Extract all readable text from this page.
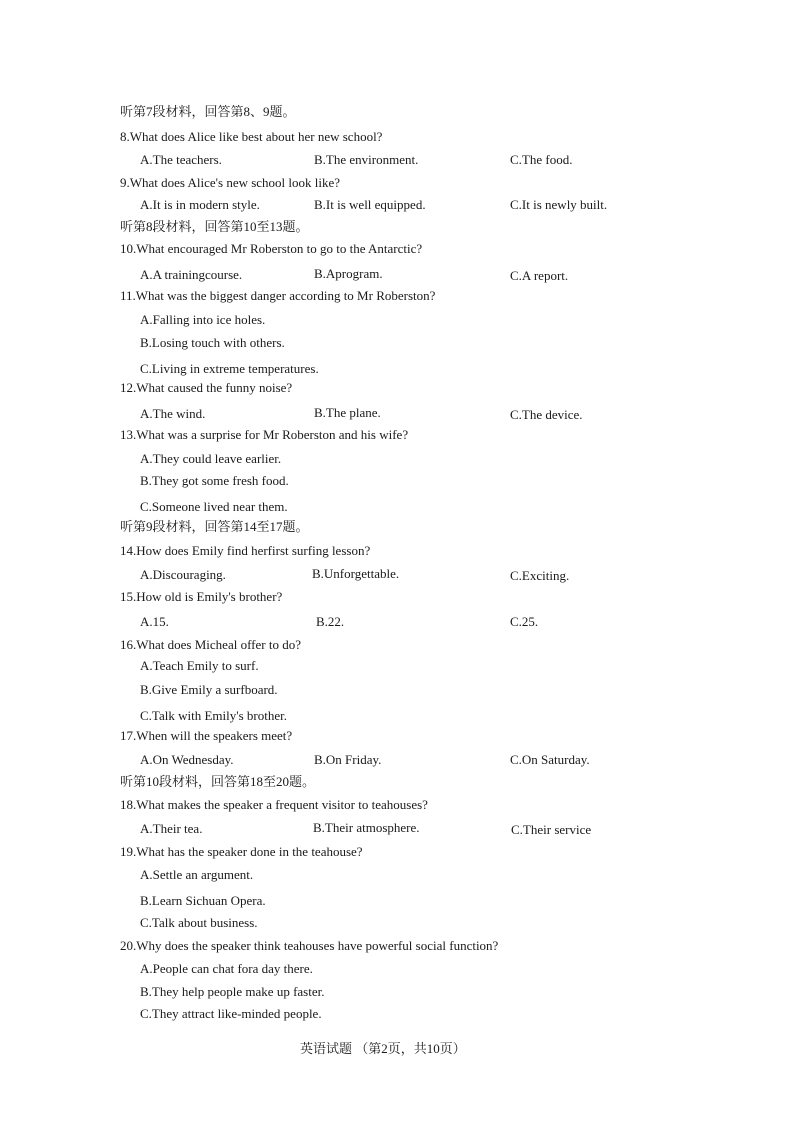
听第7段材料，回答第8、9题。
8.What does Alice like best about her new school?
A.The teachers.	B.The environment.	C.The food.
9.What does Alice's new school look like?
A.It is in modern style.	B.It is well equipped.	C.It is newly built.
听第8段材料，回答第10至13题。
10.What encouraged Mr Roberston to go to the Antarctic?
A.A trainingcourse.	B.Aprogram.	C.A report.
11.What was the biggest danger according to Mr Roberston?
A.Falling into ice holes.
B.Losing touch with others.
C.Living in extreme temperatures.
12.What caused the funny noise?
A.The wind.	B.The plane.	C.The device.
13.What was a surprise for Mr Roberston and his wife?
A.They could leave earlier.
B.They got some fresh food.
C.Someone lived near them.
听第9段材料，回答第14至17题。
14.How does Emily find herfirst surfing lesson?
A.Discouraging.	B.Unforgettable.	C.Exciting.
15.How old is Emily's brother?
A.15.	B.22.	C.25.
16.What does Micheal offer to do?
A.Teach Emily to surf.
B.Give Emily a surfboard.
C.Talk with Emily's brother.
17.When will the speakers meet?
A.On Wednesday.	B.On Friday.	C.On Saturday.
听第10段材料，回答第18至20题。
18.What makes the speaker a frequent visitor to teahouses?
A.Their tea.	B.Their atmosphere.	C.Their service
19.What has the speaker done in the teahouse?
A.Settle an argument.
B.Learn Sichuan Opera.
C.Talk about business.
20.Why does the speaker think teahouses have powerful social function?
A.People can chat fora day there.
B.They help people make up faster.
C.They attract like-minded people.
英语试题 （第2页，共10页）
